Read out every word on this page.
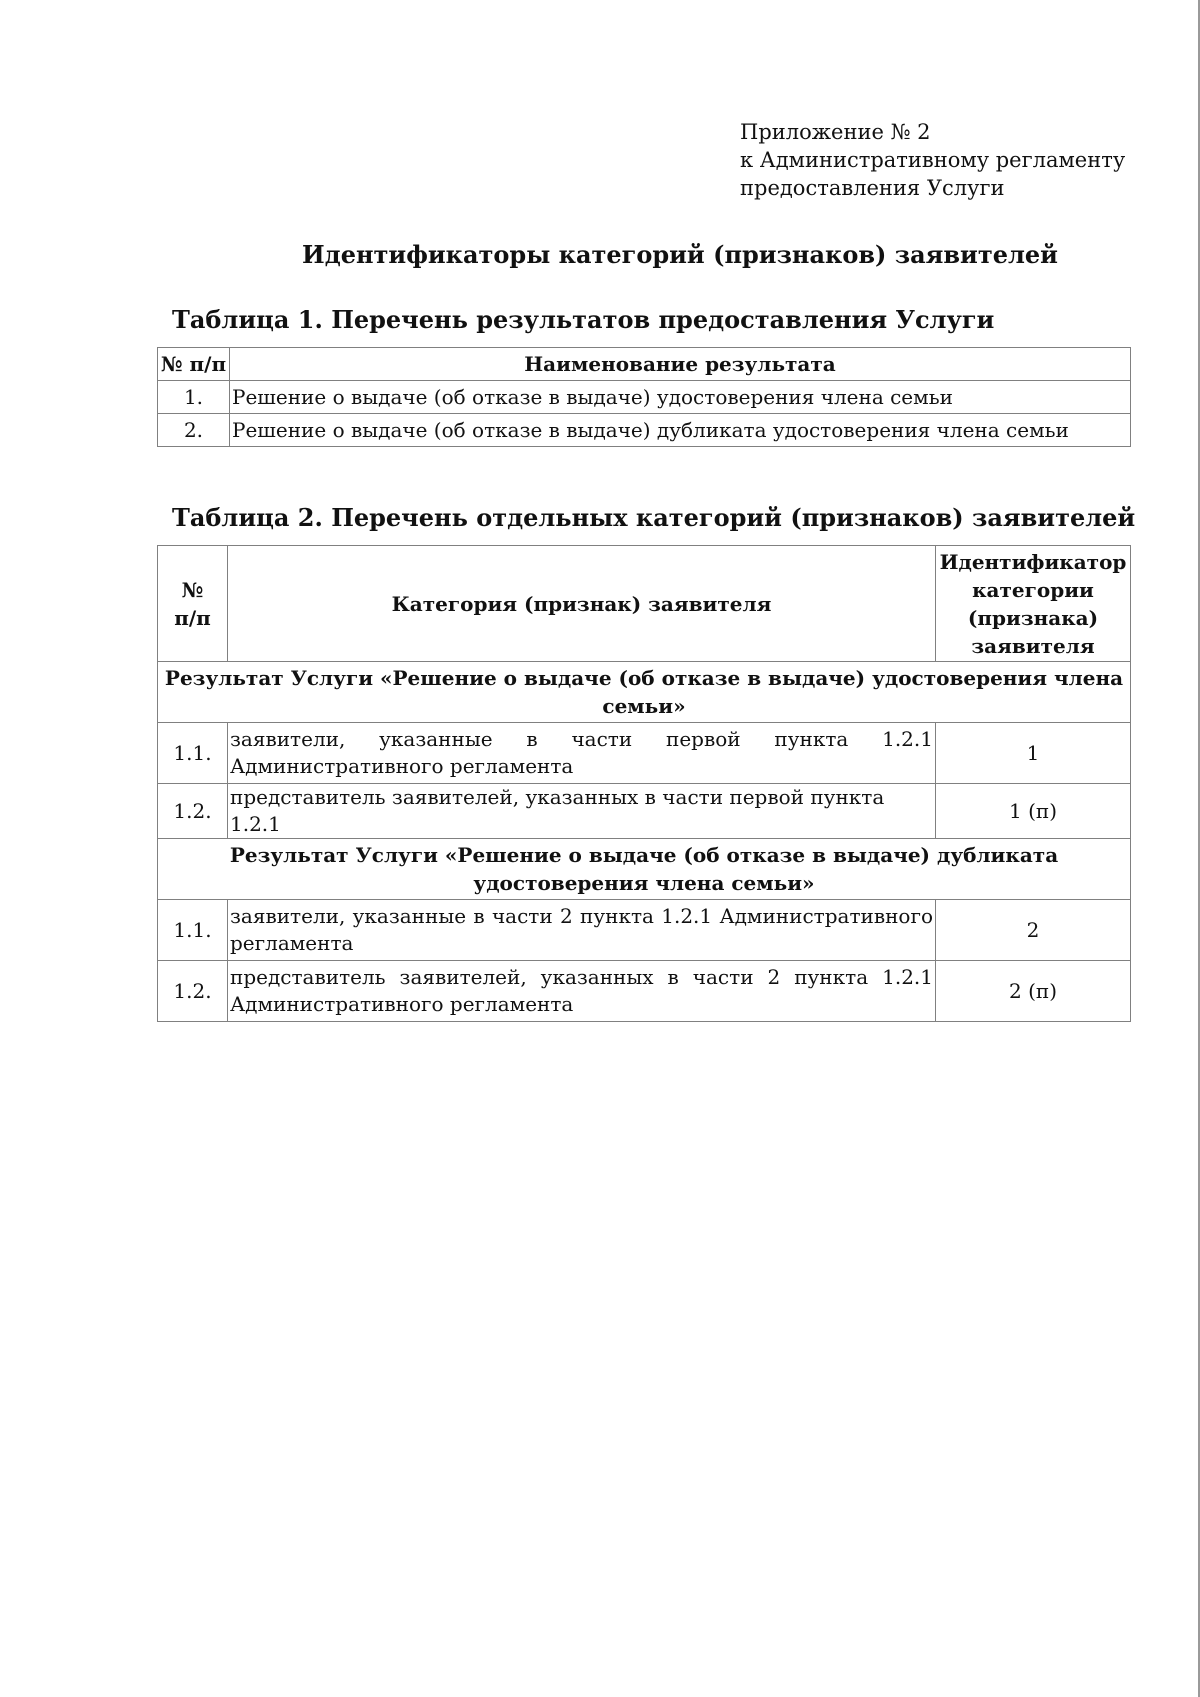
Приложение № 2
к Административному регламенту
предоставления Услуги
Идентификаторы категорий (признаков) заявителей
Таблица 1. Перечень результатов предоставления Услуги
№ п/п	Наименование результата
1.	Решение о выдаче (об отказе в выдаче) удостоверения члена семьи
2.	Решение о выдаче (об отказе в выдаче) дубликата удостоверения члена семьи
Таблица 2. Перечень отдельных категорий (признаков) заявителей
№
п/п	Категория (признак) заявителя	Идентификатор категории (признака) заявителя
Результат Услуги «Решение о выдаче (об отказе в выдаче) удостоверения члена семьи»		
1.1.	заявители, указанные в части первой пункта 1.2.1 Административного регламента	1
1.2.	представитель заявителей, указанных в части первой пункта 1.2.1	1 (п)
Результат Услуги «Решение о выдаче (об отказе в выдаче) дубликата удостоверения члена семьи»		
1.1.	заявители, указанные в части 2 пункта 1.2.1 Административного регламента	2
1.2.	представитель заявителей, указанных в части 2 пункта 1.2.1 Административного регламента	2 (п)
